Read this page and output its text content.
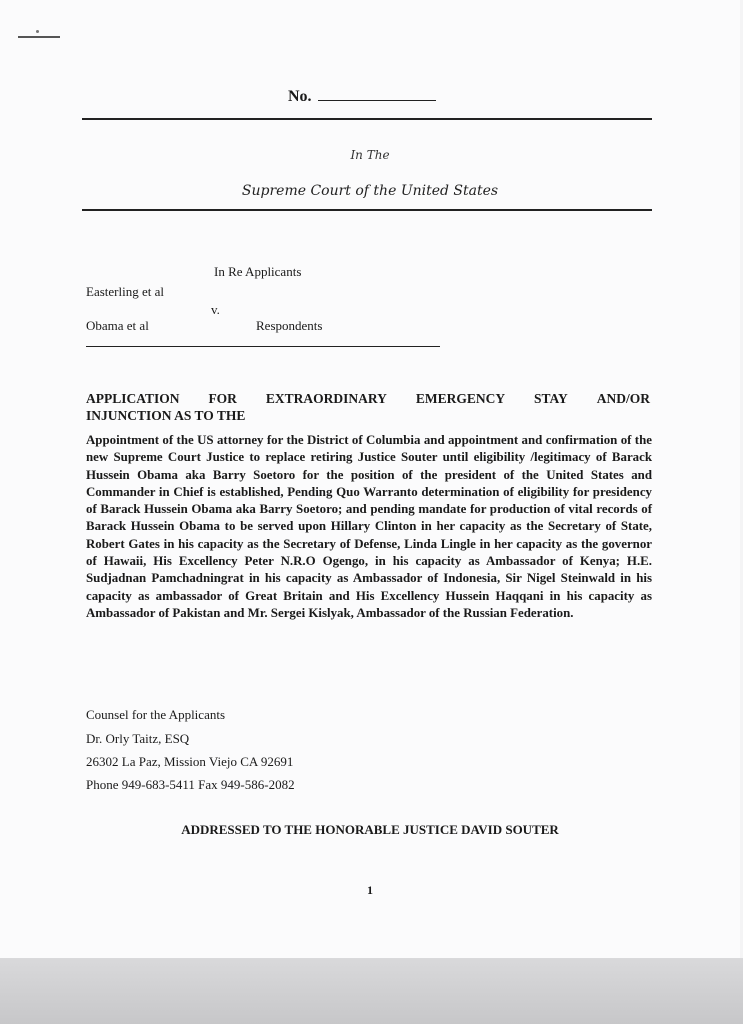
No.
In The
Supreme Court of the United States
In Re Applicants
Easterling et al
v.
Obama et al	Respondents
APPLICATION FOR EXTRAORDINARY EMERGENCY STAY AND/OR
INJUNCTION AS TO THE
Appointment of the US attorney for the District of Columbia and appointment and confirmation of the new Supreme Court Justice to replace retiring Justice Souter until eligibility /legitimacy of Barack Hussein Obama aka Barry Soetoro for the position of the president of the United States and Commander in Chief is established, Pending Quo Warranto determination of eligibility for presidency of Barack Hussein Obama aka Barry Soetoro; and pending mandate for production of vital records of Barack Hussein Obama to be served upon Hillary Clinton in her capacity as the Secretary of State, Robert Gates in his capacity as the Secretary of Defense, Linda Lingle in her capacity as the governor of Hawaii, His Excellency Peter N.R.O Ogengo, in his capacity as Ambassador of Kenya; H.E. Sudjadnan Pamchadningrat in his capacity as Ambassador of Indonesia, Sir Nigel Steinwald in his capacity as ambassador of Great Britain and His Excellency Hussein Haqqani in his capacity as Ambassador of Pakistan and Mr. Sergei Kislyak, Ambassador of the Russian Federation.
Counsel for the Applicants
Dr. Orly Taitz, ESQ
26302 La Paz, Mission Viejo CA 92691
Phone 949-683-5411 Fax 949-586-2082
ADDRESSED TO THE HONORABLE JUSTICE DAVID SOUTER
1
